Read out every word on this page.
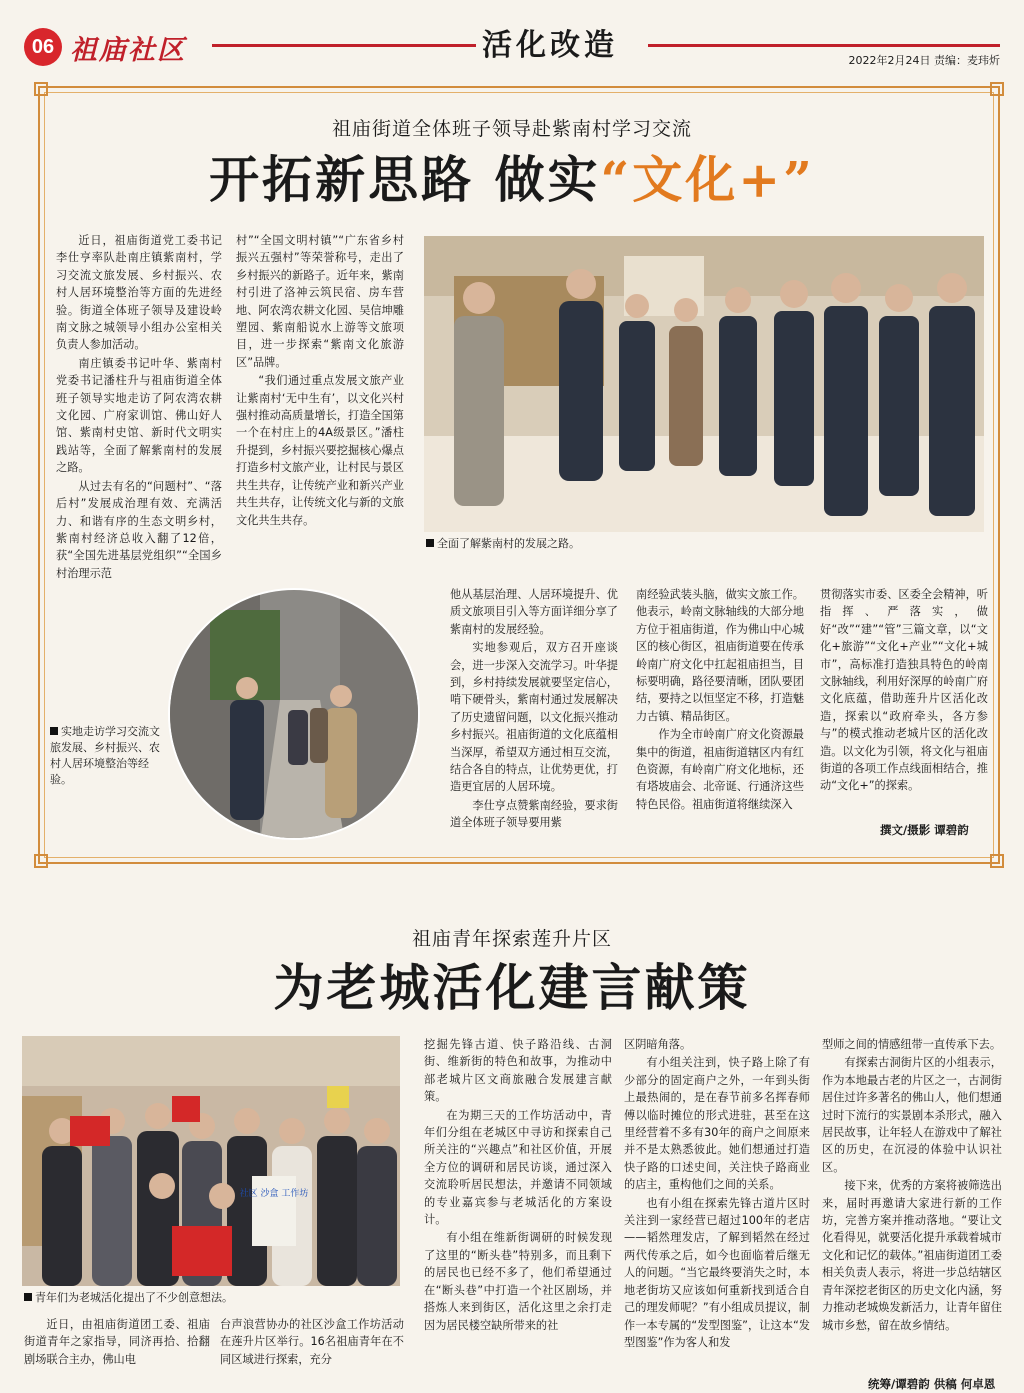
06 祖庙社区	活化改造	2022年2月24日 责编：麦玮炘
祖庙街道全体班子领导赴紫南村学习交流
开拓新思路 做实“文化+”

近日，祖庙街道党工委书记李仕亨率队赴南庄镇紫南村，学习交流文旅发展、乡村振兴、农村人居环境整治等方面的先进经验。街道全体班子领导及建设岭南文脉之城领导小组办公室相关负责人参加活动。

南庄镇委书记叶华、紫南村党委书记潘柱升与祖庙街道全体班子领导实地走访了阿农湾农耕文化园、广府家训馆、佛山好人馆、紫南村史馆、新时代文明实践站等，全面了解紫南村的发展之路。

从过去有名的“问题村”、“落后村”发展成治理有效、充满活力、和谐有序的生态文明乡村，紫南村经济总收入翻了12倍，获“全国先进基层党组织”“全国乡村治理示范

村”“全国文明村镇”“广东省乡村振兴五强村”等荣誉称号，走出了乡村振兴的新路子。近年来，紫南村引进了洛神云筑民宿、房车营地、阿农湾农耕文化园、吴信坤雕塑园、紫南船说水上游等文旅项目，进一步探索“紫南文化旅游区”品牌。

“我们通过重点发展文旅产业让紫南村‘无中生有’，以文化兴村强村推动高质量增长，打造全国第一个在村庄上的4A级景区。”潘柱升提到，乡村振兴要挖掘核心爆点打造乡村文旅产业，让村民与景区共生共存，让传统产业和新兴产业共生共存，让传统文化与新的文旅文化共生共存。

全面了解紫南村的发展之路。
实地走访学习交流文旅发展、乡村振兴、农村人居环境整治等经验。

他从基层治理、人居环境提升、优质文旅项目引入等方面详细分享了紫南村的发展经验。

实地参观后，双方召开座谈会，进一步深入交流学习。叶华提到，乡村持续发展就要坚定信心，啃下硬骨头，紫南村通过发展解决了历史遗留问题，以文化振兴推动乡村振兴。祖庙街道的文化底蕴相当深厚，希望双方通过相互交流，结合各自的特点，让优势更优，打造更宜居的人居环境。

李仕亨点赞紫南经验，要求街道全体班子领导要用紫

南经验武装头脑，做实文旅工作。他表示，岭南文脉轴线的大部分地方位于祖庙街道，作为佛山中心城区的核心街区，祖庙街道要在传承岭南广府文化中扛起祖庙担当，目标要明确，路径要清晰，团队要团结，要持之以恒坚定不移，打造魅力古镇、精品街区。

作为全市岭南广府文化资源最集中的街道，祖庙街道辖区内有红色资源，有岭南广府文化地标，还有塔坡庙会、北帝诞、行通济这些特色民俗。祖庙街道将继续深入

贯彻落实市委、区委全会精神，听指挥、严落实，做好“改”“建”“管”三篇文章，以“文化+旅游”“文化+产业”“文化+城市”，高标准打造独具特色的岭南文脉轴线，利用好深厚的岭南广府文化底蕴，借助莲升片区活化改造，探索以“政府牵头，各方参与”的模式推动老城片区的活化改造。以文化为引领，将文化与祖庙街道的各项工作点线面相结合，推动“文化+”的探索。

撰文/摄影 谭碧韵
祖庙青年探索莲升片区
为老城活化建言献策
社区 沙盒 工作坊
青年们为老城活化提出了不少创意想法。

近日，由祖庙街道团工委、祖庙街道青年之家指导，同济再拾、拾翻剧场联合主办，佛山电

台声浪营协办的社区沙盒工作坊活动在莲升片区举行。16名祖庙青年在不同区域进行探索，充分

挖掘先锋古道、快子路沿线、古洞街、维新街的特色和故事，为推动中部老城片区文商旅融合发展建言献策。

在为期三天的工作坊活动中，青年们分组在老城区中寻访和探索自己所关注的“兴趣点”和社区价值，开展全方位的调研和居民访谈，通过深入交流聆听居民想法，并邀请不同领域的专业嘉宾参与老城活化的方案设计。

有小组在维新街调研的时候发现了这里的“断头巷”特别多，而且剩下的居民也已经不多了，他们希望通过在“断头巷”中打造一个社区剧场，并搭炼人来到街区，活化这里之余打走因为居民楼空缺所带来的社

区阴暗角落。

有小组关注到，快子路上除了有少部分的固定商户之外，一年到头街上最热闹的，是在春节前多名挥春师傅以临时摊位的形式进驻，甚至在这里经营着不多有30年的商户之间原来并不是太熟悉彼此。她们想通过打造快子路的口述史间，关注快子路商业的店主，重构他们之间的关系。

也有小组在探索先锋古道片区时关注到一家经营已超过100年的老店——韬然理发店，了解到韬然在经过两代传承之后，如今也面临着后继无人的问题。“当它最终要消失之时，本地老街坊又应该如何重新找到适合自己的理发师呢？”有小组成员提议，制作一本专属的“发型图鉴”，让这本“发型图鉴”作为客人和发

型师之间的情感纽带一直传承下去。

有探索古洞街片区的小组表示，作为本地最古老的片区之一，古洞街居住过许多著名的佛山人，他们想通过时下流行的实景剧本杀形式，融入居民故事，让年轻人在游戏中了解社区的历史，在沉浸的体验中认识社区。

接下来，优秀的方案将被筛选出来，届时再邀请大家进行新的工作坊，完善方案并推动落地。“要让文化看得见，就要活化提升承载着城市文化和记忆的载体。”祖庙街道团工委相关负责人表示，将进一步总结辖区青年深挖老街区的历史文化内涵，努力推动老城焕发新活力，让青年留住城市乡愁，留在故乡情结。

统筹/谭碧韵 供稿 何卓恩
